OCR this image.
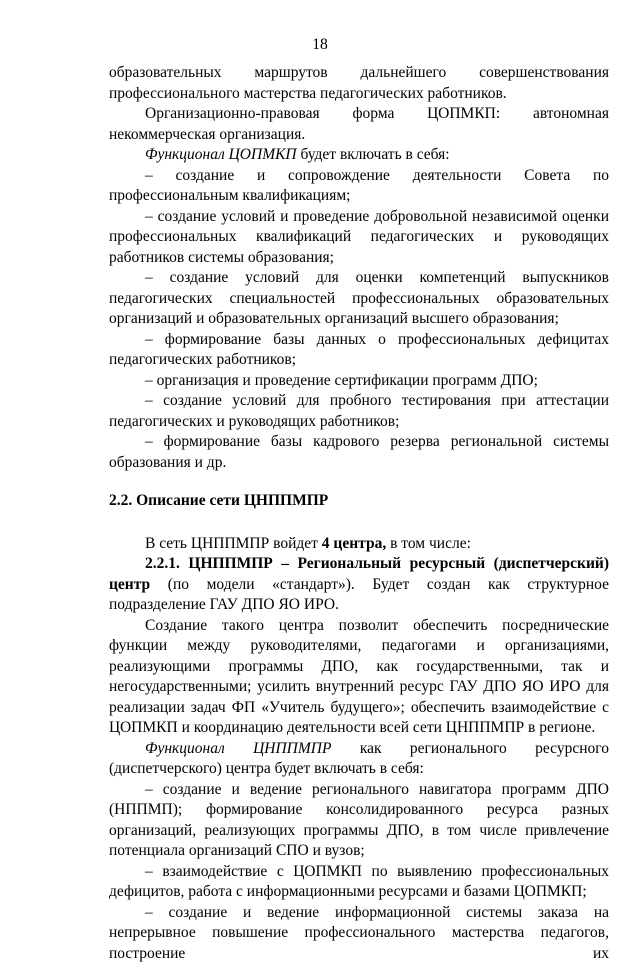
18

образовательных маршрутов дальнейшего совершенствования профессионального мастерства педагогических работников.

Организационно-правовая форма ЦОПМКП: автономная некоммерческая организация.

Функционал ЦОПМКП будет включать в себя:

– создание и сопровождение деятельности Совета по профессиональным квалификациям;

– создание условий и проведение добровольной независимой оценки профессиональных квалификаций педагогических и руководящих работников системы образования;

– создание условий для оценки компетенций выпускников педагогических специальностей профессиональных образовательных организаций и образовательных организаций высшего образования;

– формирование базы данных о профессиональных дефицитах педагогических работников;

– организация и проведение сертификации программ ДПО;

– создание условий для пробного тестирования при аттестации педагогических и руководящих работников;

– формирование базы кадрового резерва региональной системы образования и др.

2.2. Описание сети ЦНППМПР

В сеть ЦНППМПР войдет 4 центра, в том числе:

2.2.1. ЦНППМПР – Региональный ресурсный (диспетчерский) центр (по модели «стандарт»). Будет создан как структурное подразделение ГАУ ДПО ЯО ИРО.

Создание такого центра позволит обеспечить посреднические функции между руководителями, педагогами и организациями, реализующими программы ДПО, как государственными, так и негосударственными; усилить внутренний ресурс ГАУ ДПО ЯО ИРО для реализации задач ФП «Учитель будущего»; обеспечить взаимодействие с ЦОПМКП и координацию деятельности всей сети ЦНППМПР в регионе.

Функционал ЦНППМПР как регионального ресурсного (диспетчерского) центра будет включать в себя:

– создание и ведение регионального навигатора программ ДПО (НППМП); формирование консолидированного ресурса разных организаций, реализующих программы ДПО, в том числе привлечение потенциала организаций СПО и вузов;

– взаимодействие с ЦОПМКП по выявлению профессиональных дефицитов, работа с информационными ресурсами и базами ЦОПМКП;

– создание и ведение информационной системы заказа на непрерывное повышение профессионального мастерства педагогов, построение их
